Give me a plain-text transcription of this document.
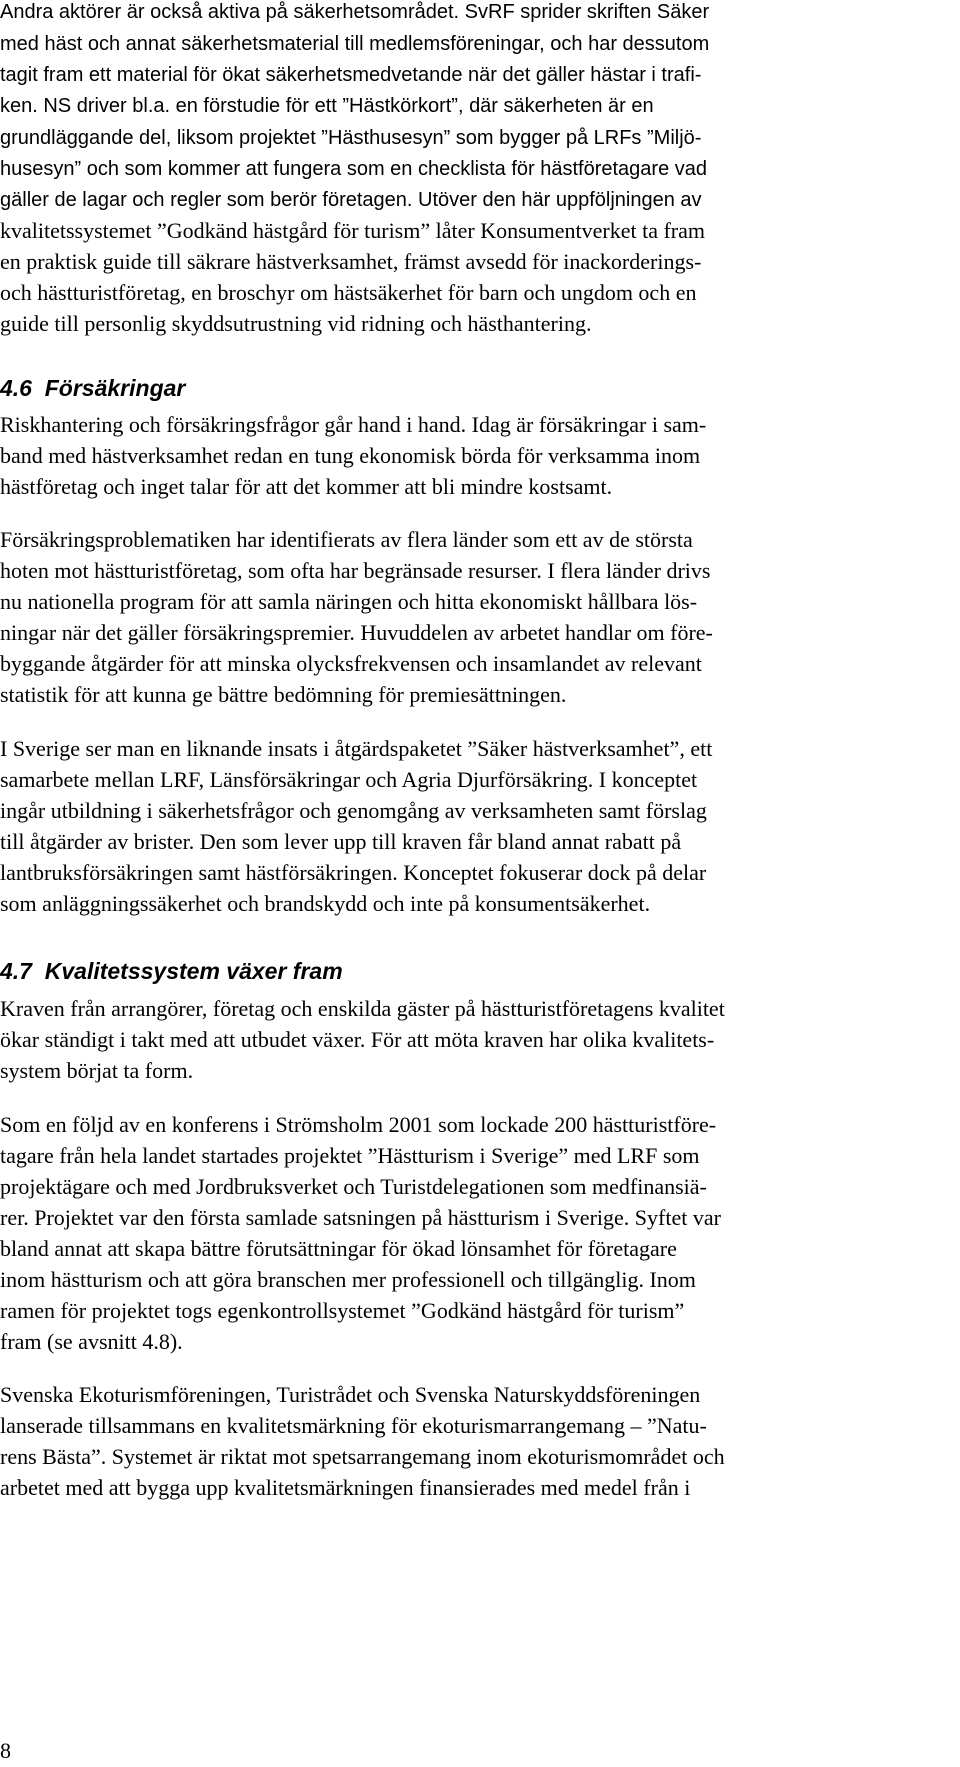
Andra aktörer är också aktiva på säkerhetsområdet. SvRF sprider skriften Säker
med häst och annat säkerhetsmaterial till medlemsföreningar, och har dessutom
tagit fram ett material för ökat säkerhetsmedvetande när det gäller hästar i trafi-
ken. NS driver bl.a. en förstudie för ett ”Hästkörkort”, där säkerheten är en
grundläggande del, liksom projektet ”Hästhusesyn” som bygger på LRFs ”Miljö-
husesyn” och som kommer att fungera som en checklista för hästföretagare vad
gäller de lagar och regler som berör företagen. Utöver den här uppföljningen av
kvalitetssystemet ”Godkänd hästgård för turism” låter Konsumentverket ta fram
en praktisk guide till säkrare hästverksamhet, främst avsedd för inackorderings-
och hästturistföretag, en broschyr om hästsäkerhet för barn och ungdom och en
guide till personlig skyddsutrustning vid ridning och hästhantering.
4.6  Försäkringar
Riskhantering och försäkringsfrågor går hand i hand. Idag är försäkringar i sam-
band med hästverksamhet redan en tung ekonomisk börda för verksamma inom
hästföretag och inget talar för att det kommer att bli mindre kostsamt.
Försäkringsproblematiken har identifierats av flera länder som ett av de största
hoten mot hästturistföretag, som ofta har begränsade resurser. I flera länder drivs
nu nationella program för att samla näringen och hitta ekonomiskt hållbara lös-
ningar när det gäller försäkringspremier. Huvuddelen av arbetet handlar om före-
byggande åtgärder för att minska olycksfrekvensen och insamlandet av relevant
statistik för att kunna ge bättre bedömning för premiesättningen.
I Sverige ser man en liknande insats i åtgärdspaketet ”Säker hästverksamhet”, ett
samarbete mellan LRF, Länsförsäkringar och Agria Djurförsäkring. I konceptet
ingår utbildning i säkerhetsfrågor och genomgång av verksamheten samt förslag
till åtgärder av brister. Den som lever upp till kraven får bland annat rabatt på
lantbruksförsäkringen samt hästförsäkringen. Konceptet fokuserar dock på delar
som anläggningssäkerhet och brandskydd och inte på konsumentsäkerhet.
4.7  Kvalitetssystem växer fram
Kraven från arrangörer, företag och enskilda gäster på hästturistföretagens kvalitet
ökar ständigt i takt med att utbudet växer. För att möta kraven har olika kvalitets-
system börjat ta form.
Som en följd av en konferens i Strömsholm 2001 som lockade 200 hästturistföre-
tagare från hela landet startades projektet ”Hästturism i Sverige” med LRF som
projektägare och med Jordbruksverket och Turistdelegationen som medfinansiä-
rer. Projektet var den första samlade satsningen på hästturism i Sverige. Syftet var
bland annat att skapa bättre förutsättningar för ökad lönsamhet för företagare
inom hästturism och att göra branschen mer professionell och tillgänglig. Inom
ramen för projektet togs egenkontrollsystemet ”Godkänd hästgård för turism”
fram (se avsnitt 4.8).
Svenska Ekoturismföreningen, Turistrådet och Svenska Naturskyddsföreningen
lanserade tillsammans en kvalitetsmärkning för ekoturismarrangemang – ”Natu-
rens Bästa”. Systemet är riktat mot spetsarrangemang inom ekoturismområdet och
arbetet med att bygga upp kvalitetsmärkningen finansierades med medel från i
8
